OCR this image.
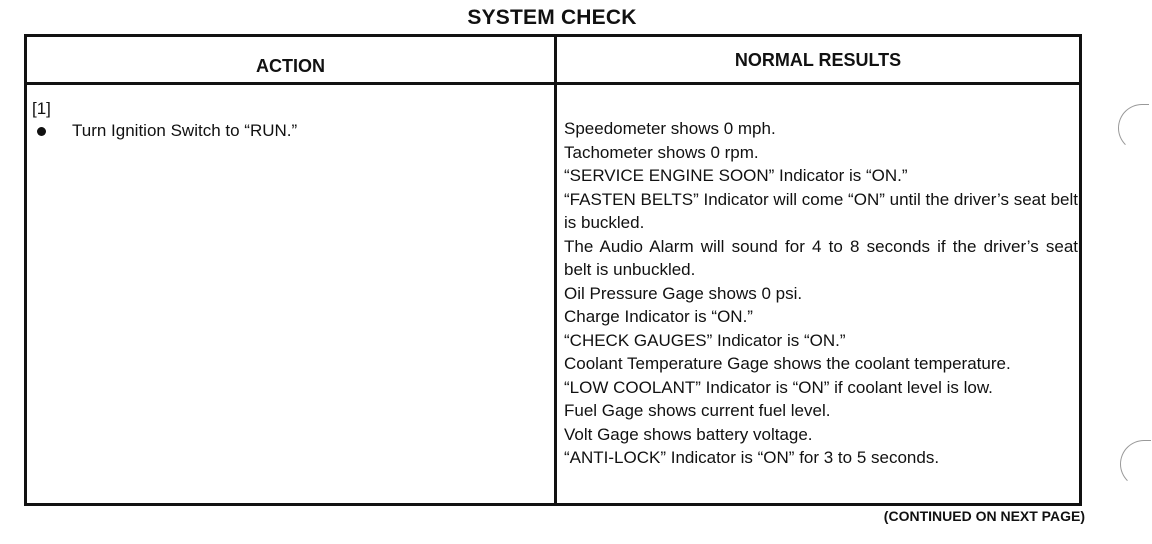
SYSTEM CHECK
ACTION	NORMAL RESULTS
[1]
Turn Ignition Switch to “RUN.”	Speedometer shows 0 mph.
Tachometer shows 0 rpm.
“SERVICE ENGINE SOON” Indicator is “ON.”
“FASTEN BELTS” Indicator will come “ON” until the driver’s seat belt is buckled.
The Audio Alarm will sound for 4 to 8 seconds if the driver’s seat belt is unbuckled.
Oil Pressure Gage shows 0 psi.
Charge Indicator is “ON.”
“CHECK GAUGES” Indicator is “ON.”
Coolant Temperature Gage shows the coolant temperature.
“LOW COOLANT” Indicator is “ON” if coolant level is low.
Fuel Gage shows current fuel level.
Volt Gage shows battery voltage.
“ANTI-LOCK” Indicator is “ON” for 3 to 5 seconds.
(CONTINUED ON NEXT PAGE)
